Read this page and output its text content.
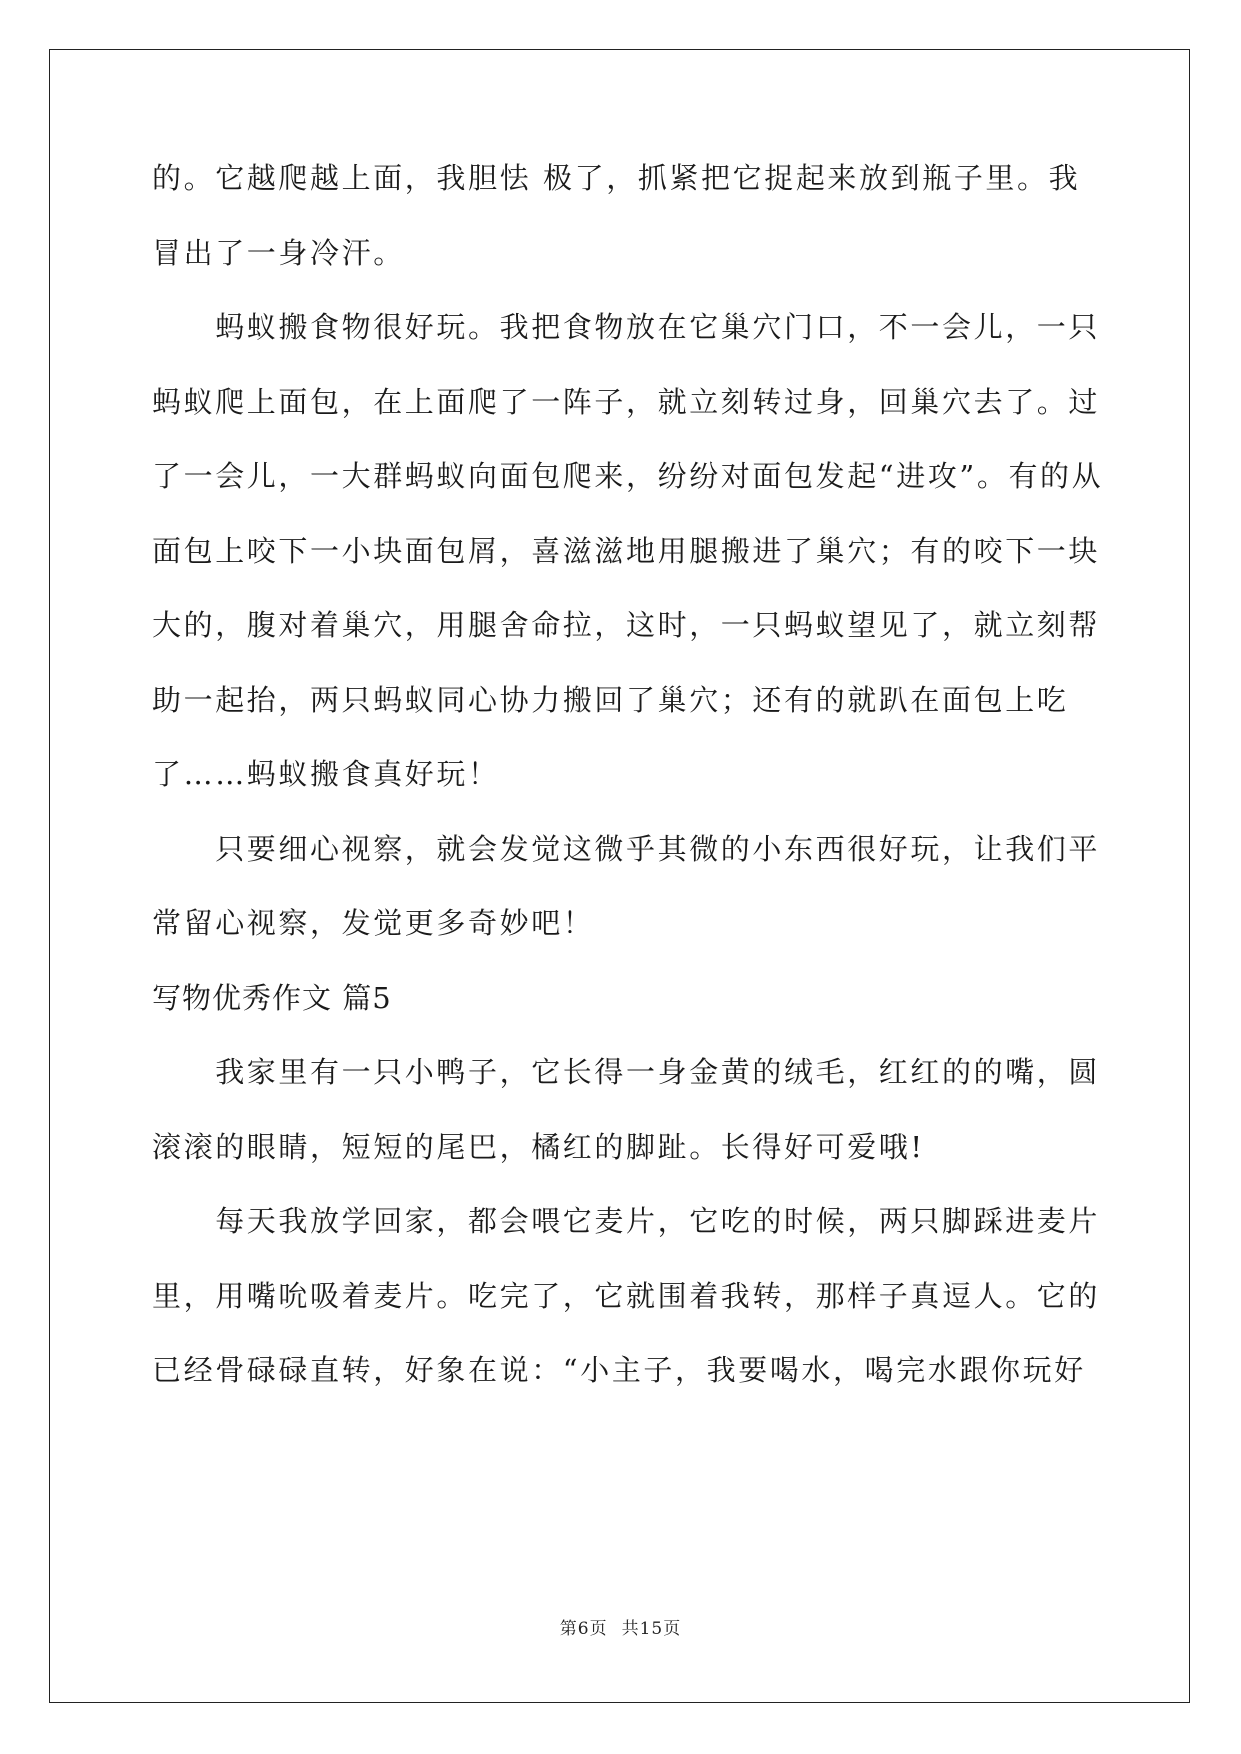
的。它越爬越上面，我胆怯 极了，抓紧把它捉起来放到瓶子里。我
冒出了一身冷汗。
　　蚂蚁搬食物很好玩。我把食物放在它巢穴门口，不一会儿，一只
蚂蚁爬上面包，在上面爬了一阵子，就立刻转过身，回巢穴去了。过
了一会儿，一大群蚂蚁向面包爬来，纷纷对面包发起“进攻”。有的从
面包上咬下一小块面包屑，喜滋滋地用腿搬进了巢穴；有的咬下一块
大的，腹对着巢穴，用腿舍命拉，这时，一只蚂蚁望见了，就立刻帮
助一起抬，两只蚂蚁同心协力搬回了巢穴；还有的就趴在面包上吃
了……蚂蚁搬食真好玩！
　　只要细心视察，就会发觉这微乎其微的小东西很好玩，让我们平
常留心视察，发觉更多奇妙吧！
写物优秀作文 篇5
　　我家里有一只小鸭子，它长得一身金黄的绒毛，红红的的嘴，圆
滚滚的眼睛，短短的尾巴，橘红的脚趾。长得好可爱哦!
　　每天我放学回家，都会喂它麦片，它吃的时候，两只脚踩进麦片
里，用嘴吮吸着麦片。吃完了，它就围着我转，那样子真逗人。它的
已经骨碌碌直转，好象在说：“小主子，我要喝水，喝完水跟你玩好
第6页 共15页
